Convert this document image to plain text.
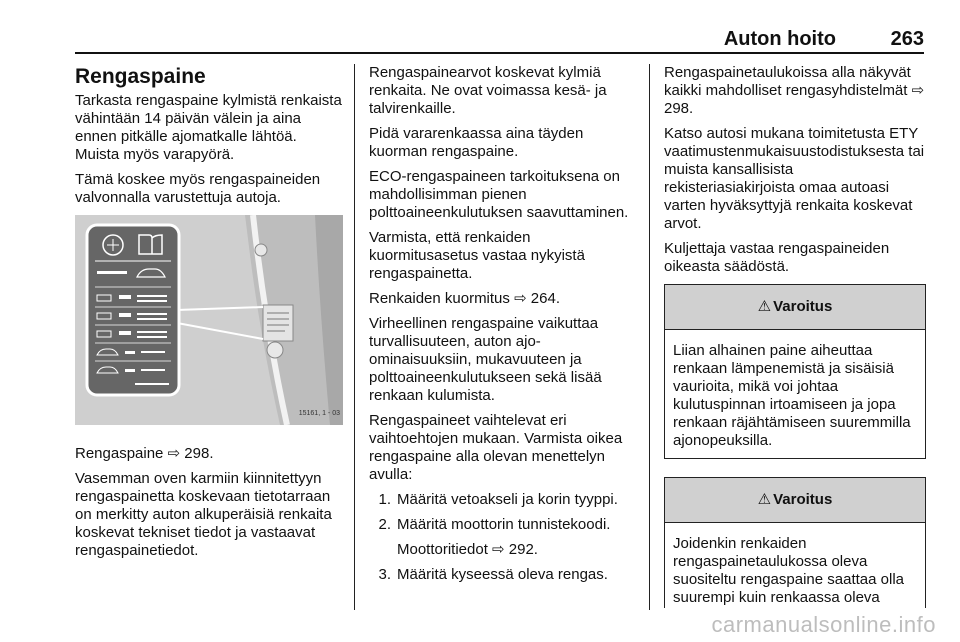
Auton hoito	263
Rengaspaine

Tarkasta rengaspaine kylmistä renkaista vähintään 14 päivän välein ja aina ennen pitkälle ajomatkalle lähtöä. Muista myös varapyörä.

Tämä koskee myös rengaspaineiden valvonnalla varustettuja autoja.

15161, 1 - 03

Rengaspaine ⇨ 298.

Vasemman oven karmiin kiinnitettyyn rengaspainetta koskevaan tietotarraan on merkitty auton alkuperäisiä renkaita koskevat tekniset tiedot ja vastaavat rengaspainetiedot.

Rengaspainearvot koskevat kylmiä renkaita. Ne ovat voimassa kesä- ja talvirenkaille.

Pidä vararenkaassa aina täyden kuorman rengaspaine.

ECO-rengaspaineen tarkoituksena on mahdollisimman pienen polttoaineenkulutuksen saavuttaminen.

Varmista, että renkaiden kuormitusasetus vastaa nykyistä rengaspainetta.

Renkaiden kuormitus ⇨ 264.

Virheellinen rengaspaine vaikuttaa turvallisuuteen, auton ajo-ominaisuuksiin, mukavuuteen ja polttoaineenkulutukseen sekä lisää renkaan kulumista.

Rengaspaineet vaihtelevat eri vaihtoehtojen mukaan. Varmista oikea rengaspaine alla olevan menettelyn avulla:

1. Määritä vetoakseli ja korin tyyppi.
2. Määritä moottorin tunnistekoodi.
Moottoritiedot ⇨ 292.
3. Määritä kyseessä oleva rengas.

Rengaspainetaulukoissa alla näkyvät kaikki mahdolliset rengasyhdistelmät ⇨ 298.

Katso autosi mukana toimitetusta ETY vaatimustenmukaisuustodistuksesta tai muista kansallisista rekisteriasiakirjoista omaa autoasi varten hyväksyttyjä renkaita koskevat arvot.

Kuljettaja vastaa rengaspaineiden oikeasta säädöstä.

⚠ Varoitus

Liian alhainen paine aiheuttaa renkaan lämpenemistä ja sisäisiä vaurioita, mikä voi johtaa kulutuspinnan irtoamiseen ja jopa renkaan räjähtämiseen suuremmilla ajonopeuksilla.

⚠ Varoitus

Joidenkin renkaiden rengaspainetaulukossa oleva suositeltu rengaspaine saattaa olla suurempi kuin renkaassa oleva

carmanualsonline.info
